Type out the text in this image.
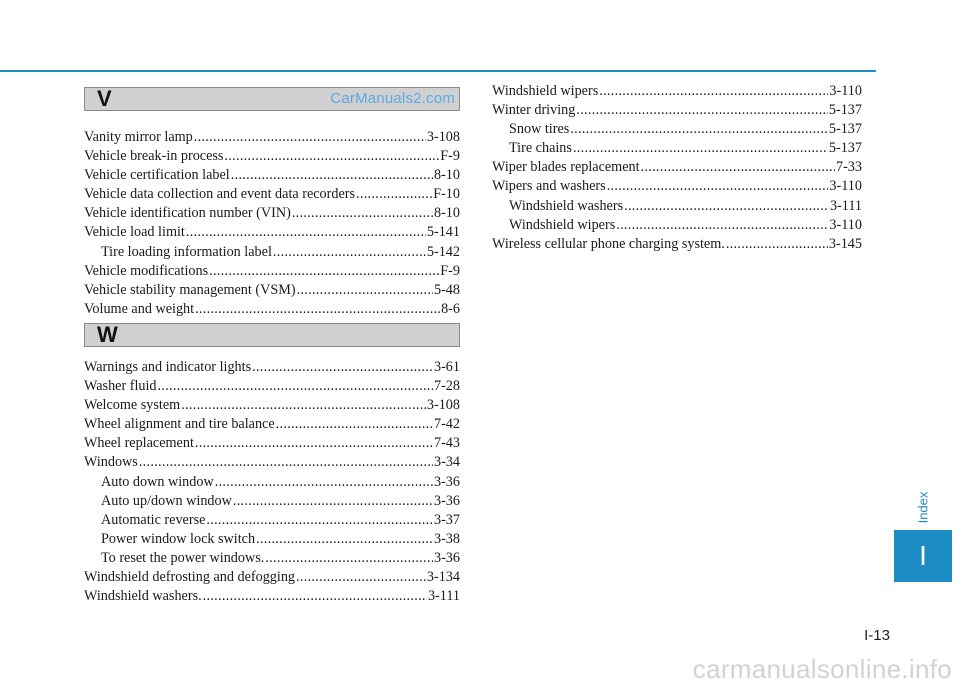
V	CarManuals2.com
Vanity mirror lamp .....	3-108
Vehicle break-in process .....	F-9
Vehicle certification label .....	8-10
Vehicle data collection and event data recorders .....	F-10
Vehicle identification number (VIN) .....	8-10
Vehicle load limit .....	5-141
Tire loading information label .....	5-142
Vehicle modifications .....	F-9
Vehicle stability management (VSM) .....	5-48
Volume and weight .....	8-6
W
Warnings and indicator lights .....	3-61
Washer fluid .....	7-28
Welcome system .....	3-108
Wheel alignment and tire balance .....	7-42
Wheel replacement .....	7-43
Windows .....	3-34
Auto down window .....	3-36
Auto up/down window .....	3-36
Automatic reverse .....	3-37
Power window lock switch .....	3-38
To reset the power windows. .....	3-36
Windshield defrosting and defogging .....	3-134
Windshield washers. .....	3-111
Windshield wipers .....	3-110
Winter driving .....	5-137
Snow tires .....	5-137
Tire chains .....	5-137
Wiper blades replacement .....	7-33
Wipers and washers .....	3-110
Windshield washers .....	3-111
Windshield wipers .....	3-110
Wireless cellular phone charging system. .....	3-145
Index
I
I-13
carmanualsonline.info
